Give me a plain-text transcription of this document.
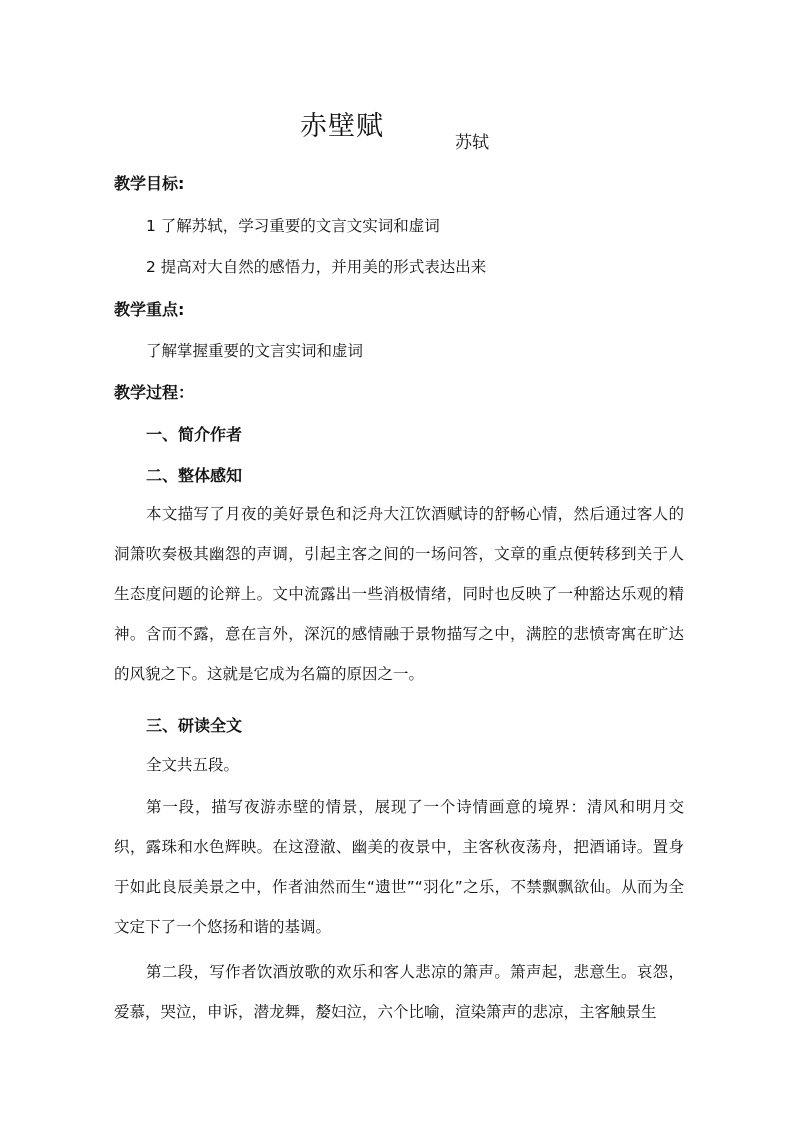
赤壁赋
苏轼
教学目标:
1 了解苏轼，学习重要的文言文实词和虚词
2 提高对大自然的感悟力，并用美的形式表达出来
教学重点:
了解掌握重要的文言实词和虚词
教学过程：
一、简介作者
二、整体感知

本文描写了月夜的美好景色和泛舟大江饮酒赋诗的舒畅心情，然后通过客人的洞箫吹奏极其幽怨的声调，引起主客之间的一场问答，文章的重点便转移到关于人生态度问题的论辩上。文中流露出一些消极情绪，同时也反映了一种豁达乐观的精神。含而不露，意在言外，深沉的感情融于景物描写之中，满腔的悲愤寄寓在旷达的风貌之下。这就是它成为名篇的原因之一。

三、研读全文

全文共五段。

第一段，描写夜游赤壁的情景，展现了一个诗情画意的境界：清风和明月交织，露珠和水色辉映。在这澄澈、幽美的夜景中，主客秋夜荡舟，把酒诵诗。置身于如此良辰美景之中，作者油然而生“遗世”“羽化”之乐，不禁飘飘欲仙。从而为全文定下了一个悠扬和谐的基调。

第二段，写作者饮酒放歌的欢乐和客人悲凉的箫声。箫声起，悲意生。哀怨，爱慕，哭泣，申诉，潜龙舞，嫠妇泣，六个比喻，渲染箫声的悲凉，主客触景生
